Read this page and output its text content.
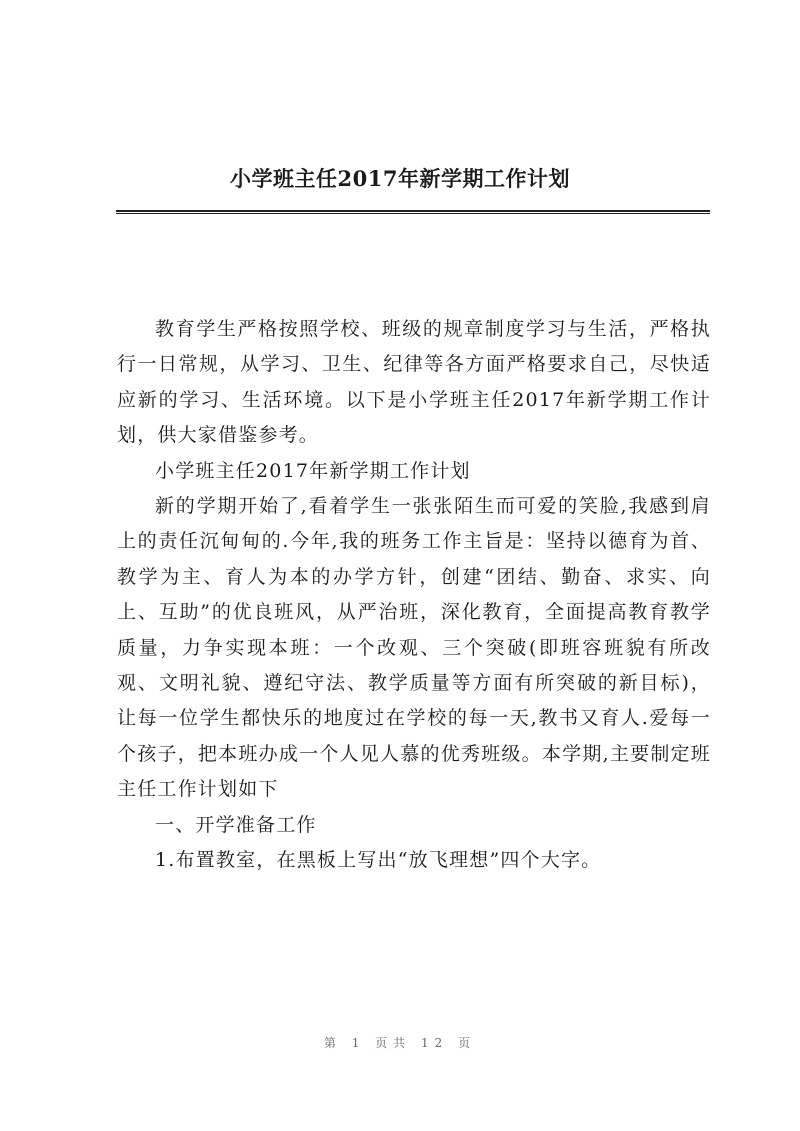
小学班主任2017年新学期工作计划

教育学生严格按照学校、班级的规章制度学习与生活，严格执行一日常规，从学习、卫生、纪律等各方面严格要求自己，尽快适应新的学习、生活环境。以下是小学班主任2017年新学期工作计划，供大家借鉴参考。

小学班主任2017年新学期工作计划

新的学期开始了,看着学生一张张陌生而可爱的笑脸,我感到肩上的责任沉甸甸的.今年,我的班务工作主旨是：坚持以德育为首、教学为主、育人为本的办学方针，创建“团结、勤奋、求实、向上、互助”的优良班风，从严治班，深化教育，全面提高教育教学质量，力争实现本班：一个改观、三个突破(即班容班貌有所改观、文明礼貌、遵纪守法、教学质量等方面有所突破的新目标)，让每一位学生都快乐的地度过在学校的每一天,教书又育人.爱每一个孩子，把本班办成一个人见人慕的优秀班级。本学期,主要制定班主任工作计划如下

一、开学准备工作

1.布置教室，在黑板上写出“放飞理想”四个大字。

第 1 页共 12 页
